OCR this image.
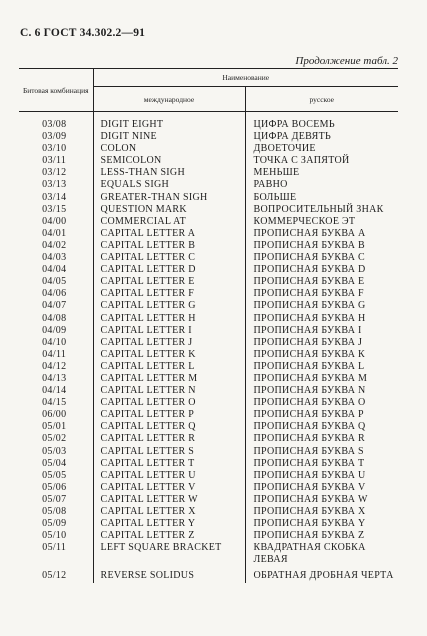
С. 6 ГОСТ 34.302.2—91
Продолжение табл. 2
Битовая комбинация	Наименование	
	международное	русское
03/08	DIGIT EIGHT	ЦИФРА ВОСЕМЬ
03/09	DIGIT NINE	ЦИФРА ДЕВЯТЬ
03/10	COLON	ДВОЕТОЧИЕ
03/11	SEMICOLON	ТОЧКА С ЗАПЯТОЙ
03/12	LESS-THAN SIGH	МЕНЬШЕ
03/13	EQUALS SIGH	РАВНО
03/14	GREATER-THAN SIGH	БОЛЬШЕ
03/15	QUESTION MARK	ВОПРОСИТЕЛЬНЫЙ ЗНАК
04/00	COMMERCIAL AT	КОММЕРЧЕСКОЕ ЭТ
04/01	CAPITAL LETTER A	ПРОПИСНАЯ БУКВА А
04/02	CAPITAL LETTER B	ПРОПИСНАЯ БУКВА В
04/03	CAPITAL LETTER C	ПРОПИСНАЯ БУКВА С
04/04	CAPITAL LETTER D	ПРОПИСНАЯ БУКВА D
04/05	CAPITAL LETTER E	ПРОПИСНАЯ БУКВА Е
04/06	CAPITAL LETTER F	ПРОПИСНАЯ БУКВА F
04/07	CAPITAL LETTER G	ПРОПИСНАЯ БУКВА G
04/08	CAPITAL LETTER H	ПРОПИСНАЯ БУКВА Н
04/09	CAPITAL LETTER I	ПРОПИСНАЯ БУКВА I
04/10	CAPITAL LETTER J	ПРОПИСНАЯ БУКВА J
04/11	CAPITAL LETTER K	ПРОПИСНАЯ БУКВА К
04/12	CAPITAL LETTER L	ПРОПИСНАЯ БУКВА L
04/13	CAPITAL LETTER M	ПРОПИСНАЯ БУКВА М
04/14	CAPITAL LETTER N	ПРОПИСНАЯ БУКВА N
04/15	CAPITAL LETTER O	ПРОПИСНАЯ БУКВА О
06/00	CAPITAL LETTER P	ПРОПИСНАЯ БУКВА Р
05/01	CAPITAL LETTER Q	ПРОПИСНАЯ БУКВА Q
05/02	CAPITAL LETTER R	ПРОПИСНАЯ БУКВА R
05/03	CAPITAL LETTER S	ПРОПИСНАЯ БУКВА S
05/04	CAPITAL LETTER T	ПРОПИСНАЯ БУКВА Т
05/05	CAPITAL LETTER U	ПРОПИСНАЯ БУКВА U
05/06	CAPITAL LETTER V	ПРОПИСНАЯ БУКВА V
05/07	CAPITAL LETTER W	ПРОПИСНАЯ БУКВА W
05/08	CAPITAL LETTER X	ПРОПИСНАЯ БУКВА Х
05/09	CAPITAL LETTER Y	ПРОПИСНАЯ БУКВА Y
05/10	CAPITAL LETTER Z	ПРОПИСНАЯ БУКВА Z
05/11	LEFT SQUARE BRACKET	КВАДРАТНАЯ СКОБКА ЛЕВАЯ
05/12	REVERSE SOLIDUS	ОБРАТНАЯ ДРОБНАЯ ЧЕРТА
